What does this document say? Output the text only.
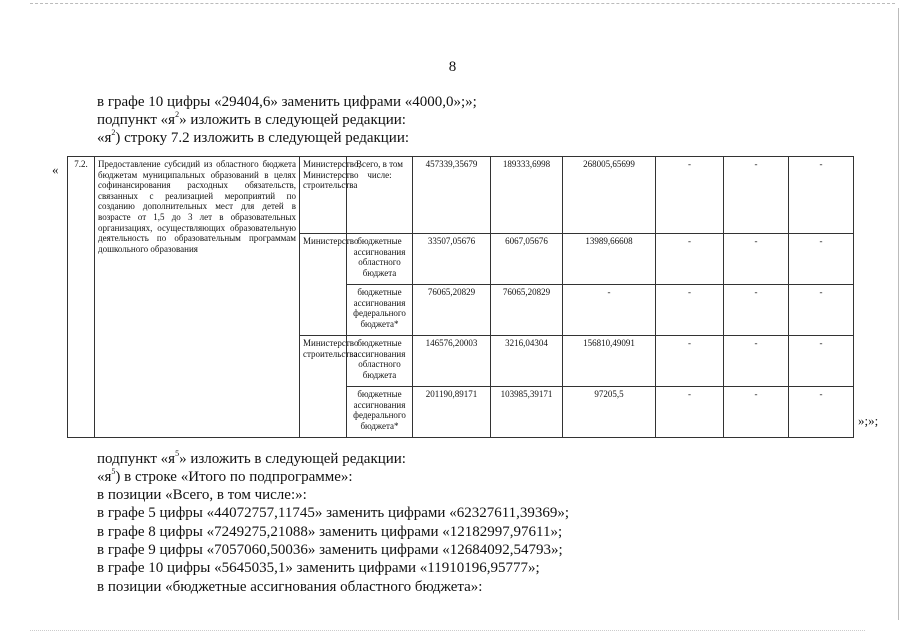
8
в графе 10 цифры «29404,6» заменить цифрами «4000,0»;»;
подпункт «$я^2$» изложить в следующей редакции:
«$я^2$) строку 7.2 изложить в следующей редакции:
« 7.2.	Предоставление субсидий из областного бюджета бюджетам муниципальных образований в целях софинансирования расходных обязательств, связанных с реализацией мероприятий по созданию дополнительных мест для детей в возрасте от 1,5 до 3 лет в образовательных организациях, осуществляющих образовательную деятельность по образовательным программам дошкольного образования	Министерство, Министерство строительства	Всего, в том числе:	457339,35679	189333,6998	268005,65699	-	-	-
		Министерство	бюджетные ассигнования областного бюджета	33507,05676	6067,05676	13989,66608	-	-	-
			бюджетные ассигнования федерального бюджета*	76065,20829	76065,20829	-	-	-	-
		Министерство строительства	бюджетные ассигнования областного бюджета	146576,20003	3216,04304	156810,49091	-	-	-
			бюджетные ассигнования федерального бюджета*	201190,89171	103985,39171	97205,5	-	-	-
»;»;
подпункт «$я^5$» изложить в следующей редакции:
«$я^5$) в строке «Итого по подпрограмме»:
в позиции «Всего, в том числе:»:
в графе 5 цифры «44072757,11745» заменить цифрами «62327611,39369»;
в графе 8 цифры «7249275,21088» заменить цифрами «12182997,97611»;
в графе 9 цифры «7057060,50036» заменить цифрами «12684092,54793»;
в графе 10 цифры «5645035,1» заменить цифрами «11910196,95777»;
в позиции «бюджетные ассигнования областного бюджета»:
